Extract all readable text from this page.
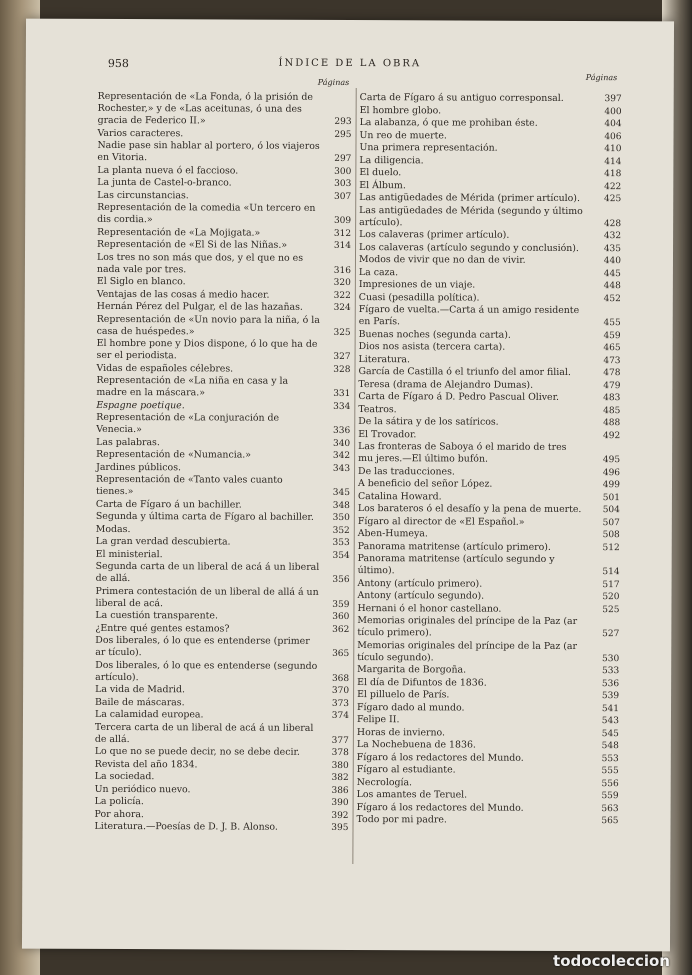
958	ÍNDICE DE LA OBRA
Páginas
Páginas
Representación de «La Fonda, ó la prisión de Rochester,» y de «Las aceitunas, ó una des gracia de Federico II.»	293
Varios caracteres.	295
Nadie pase sin hablar al portero, ó los viajeros en Vitoria.	297
La planta nueva ó el faccioso.	300
La junta de Castel-o-branco.	303
Las circunstancias.	307
Representación de la comedia «Un tercero en dis cordia.»	309
Representación de «La Mojigata.»	312
Representación de «El Si de las Niñas.»	314
Los tres no son más que dos, y el que no es nada vale por tres.	316
El Siglo en blanco.	320
Ventajas de las cosas á medio hacer.	322
Hernán Pérez del Pulgar, el de las hazañas.	324
Representación de «Un novio para la niña, ó la casa de huéspedes.»	325
El hombre pone y Dios dispone, ó lo que ha de ser el periodista.	327
Vidas de españoles célebres.	328
Representación de «La niña en casa y la madre en la máscara.»	331
Espagne poetique.	334
Representación de «La conjuración de Venecia.»	336
Las palabras.	340
Representación de «Numancia.»	342
Jardines públicos.	343
Representación de «Tanto vales cuanto tienes.»	345
Carta de Fígaro á un bachiller.	348
Segunda y última carta de Fígaro al bachiller.	350
Modas.	352
La gran verdad descubierta.	353
El ministerial.	354
Segunda carta de un liberal de acá á un liberal de allá.	356
Primera contestación de un liberal de allá á un liberal de acá.	359
La cuestión transparente.	360
¿Entre qué gentes estamos?	362
Dos liberales, ó lo que es entenderse (primer ar tículo).	365
Dos liberales, ó lo que es entenderse (segundo artículo).	368
La vida de Madrid.	370
Baile de máscaras.	373
La calamidad europea.	374
Tercera carta de un liberal de acá á un liberal de allá.	377
Lo que no se puede decir, no se debe decir.	378
Revista del año 1834.	380
La sociedad.	382
Un periódico nuevo.	386
La policía.	390
Por ahora.	392
Literatura.—Poesías de D. J. B. Alonso.	395
Carta de Fígaro á su antiguo corresponsal.	397
El hombre globo.	400
La alabanza, ó que me prohiban éste.	404
Un reo de muerte.	406
Una primera representación.	410
La diligencia.	414
El duelo.	418
El Álbum.	422
Las antigüedades de Mérida (primer artículo).	425
Las antigüedades de Mérida (segundo y último artículo).	428
Los calaveras (primer artículo).	432
Los calaveras (artículo segundo y conclusión).	435
Modos de vivir que no dan de vivir.	440
La caza.	445
Impresiones de un viaje.	448
Cuasi (pesadilla política).	452
Fígaro de vuelta.—Carta á un amigo residente en París.	455
Buenas noches (segunda carta).	459
Dios nos asista (tercera carta).	465
Literatura.	473
García de Castilla ó el triunfo del amor filial.	478
Teresa (drama de Alejandro Dumas).	479
Carta de Fígaro á D. Pedro Pascual Oliver.	483
Teatros.	485
De la sátira y de los satíricos.	488
El Trovador.	492
Las fronteras de Saboya ó el marido de tres mu jeres.—El último bufón.	495
De las traducciones.	496
A beneficio del señor López.	499
Catalina Howard.	501
Los barateros ó el desafío y la pena de muerte.	504
Fígaro al director de «El Español.»	507
Aben-Humeya.	508
Panorama matritense (artículo primero).	512
Panorama matritense (artículo segundo y último).	514
Antony (artículo primero).	517
Antony (artículo segundo).	520
Hernani ó el honor castellano.	525
Memorias originales del príncipe de la Paz (ar tículo primero).	527
Memorias originales del príncipe de la Paz (ar tículo segundo).	530
Margarita de Borgoña.	533
El día de Difuntos de 1836.	536
El pilluelo de París.	539
Fígaro dado al mundo.	541
Felipe II.	543
Horas de invierno.	545
La Nochebuena de 1836.	548
Fígaro á los redactores del Mundo.	553
Fígaro al estudiante.	555
Necrología.	556
Los amantes de Teruel.	559
Fígaro á los redactores del Mundo.	563
Todo por mi padre.	565
todocoleccion
